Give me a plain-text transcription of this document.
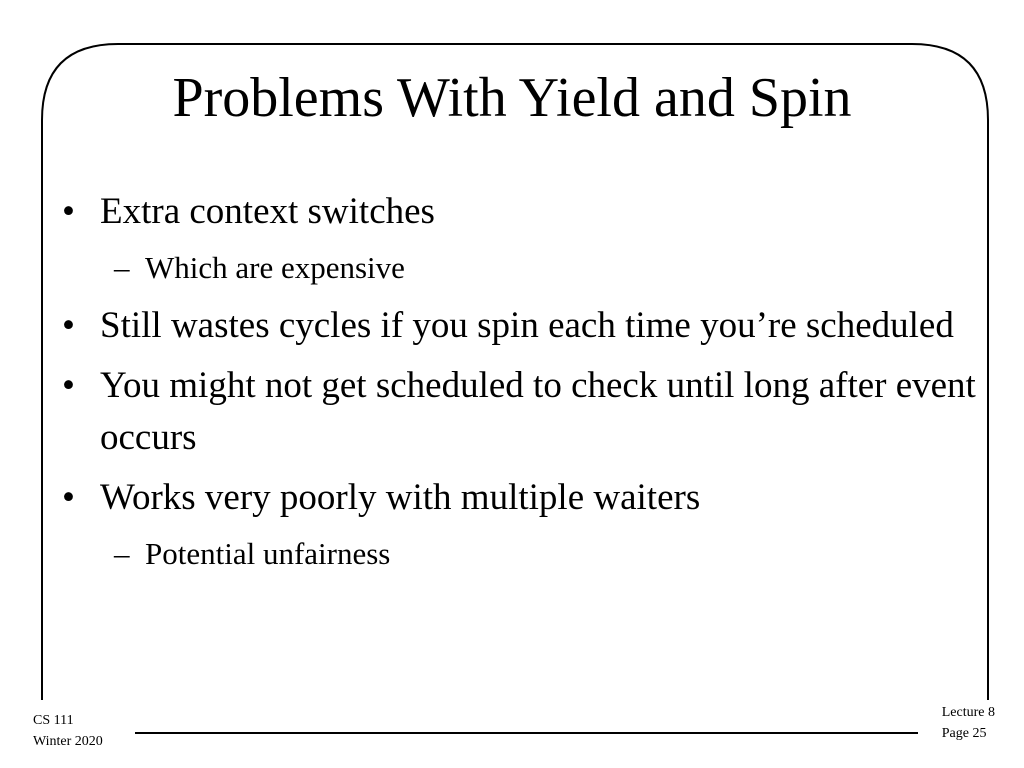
Problems With Yield and Spin
• Extra context switches
– Which are expensive
• Still wastes cycles if you spin each time you’re scheduled
• You might not get scheduled to check until long after event occurs
• Works very poorly with multiple waiters
– Potential unfairness
CS 111
Winter 2020
Lecture 8
Page 25
